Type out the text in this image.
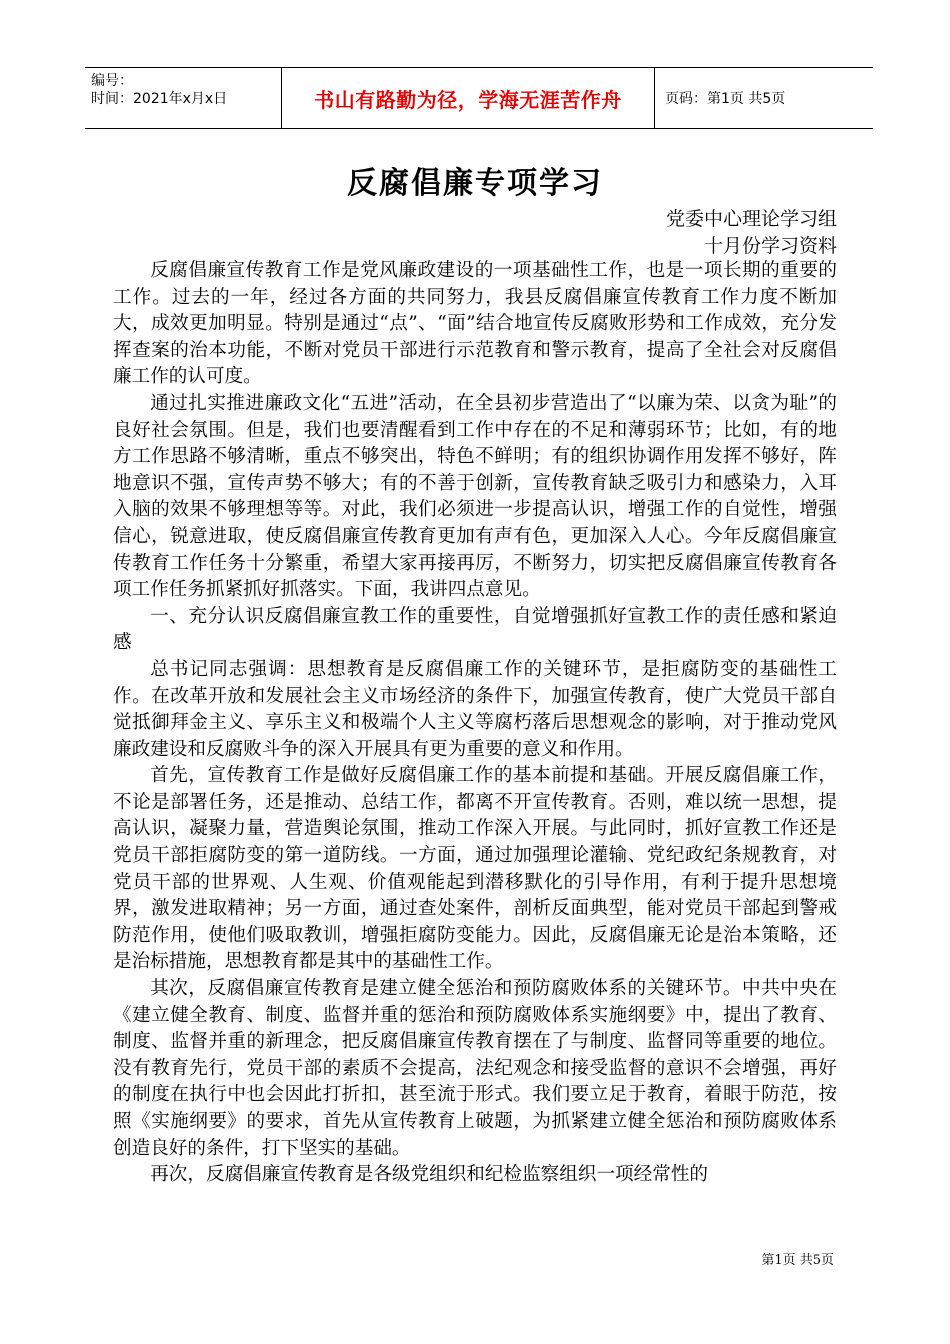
编号：
时间：2021年x月x日	书山有路勤为径，学海无涯苦作舟	页码：第1页 共5页
反腐倡廉专项学习
党委中心理论学习组
十月份学习资料

反腐倡廉宣传教育工作是党风廉政建设的一项基础性工作，也是一项长期的重要的工作。过去的一年，经过各方面的共同努力，我县反腐倡廉宣传教育工作力度不断加大，成效更加明显。特别是通过“点”、“面”结合地宣传反腐败形势和工作成效，充分发挥查案的治本功能，不断对党员干部进行示范教育和警示教育，提高了全社会对反腐倡廉工作的认可度。

通过扎实推进廉政文化“五进”活动，在全县初步营造出了“以廉为荣、以贪为耻”的良好社会氛围。但是，我们也要清醒看到工作中存在的不足和薄弱环节；比如，有的地方工作思路不够清晰，重点不够突出，特色不鲜明；有的组织协调作用发挥不够好，阵地意识不强，宣传声势不够大；有的不善于创新，宣传教育缺乏吸引力和感染力，入耳入脑的效果不够理想等等。对此，我们必须进一步提高认识，增强工作的自觉性，增强信心，锐意进取，使反腐倡廉宣传教育更加有声有色，更加深入人心。今年反腐倡廉宣传教育工作任务十分繁重，希望大家再接再厉，不断努力，切实把反腐倡廉宣传教育各项工作任务抓紧抓好抓落实。下面，我讲四点意见。

一、充分认识反腐倡廉宣教工作的重要性，自觉增强抓好宣教工作的责任感和紧迫感

总书记同志强调：思想教育是反腐倡廉工作的关键环节，是拒腐防变的基础性工作。在改革开放和发展社会主义市场经济的条件下，加强宣传教育，使广大党员干部自觉抵御拜金主义、享乐主义和极端个人主义等腐朽落后思想观念的影响，对于推动党风廉政建设和反腐败斗争的深入开展具有更为重要的意义和作用。

首先，宣传教育工作是做好反腐倡廉工作的基本前提和基础。开展反腐倡廉工作，不论是部署任务，还是推动、总结工作，都离不开宣传教育。否则，难以统一思想，提高认识，凝聚力量，营造舆论氛围，推动工作深入开展。与此同时，抓好宣教工作还是党员干部拒腐防变的第一道防线。一方面，通过加强理论灌输、党纪政纪条规教育，对党员干部的世界观、人生观、价值观能起到潜移默化的引导作用，有利于提升思想境界，激发进取精神；另一方面，通过查处案件，剖析反面典型，能对党员干部起到警戒防范作用，使他们吸取教训，增强拒腐防变能力。因此，反腐倡廉无论是治本策略，还是治标措施，思想教育都是其中的基础性工作。

其次，反腐倡廉宣传教育是建立健全惩治和预防腐败体系的关键环节。中共中央在《建立健全教育、制度、监督并重的惩治和预防腐败体系实施纲要》中，提出了教育、制度、监督并重的新理念，把反腐倡廉宣传教育摆在了与制度、监督同等重要的地位。没有教育先行，党员干部的素质不会提高，法纪观念和接受监督的意识不会增强，再好的制度在执行中也会因此打折扣，甚至流于形式。我们要立足于教育，着眼于防范，按照《实施纲要》的要求，首先从宣传教育上破题，为抓紧建立健全惩治和预防腐败体系创造良好的条件，打下坚实的基础。

再次，反腐倡廉宣传教育是各级党组织和纪检监察组织一项经常性的

第1页 共5页
